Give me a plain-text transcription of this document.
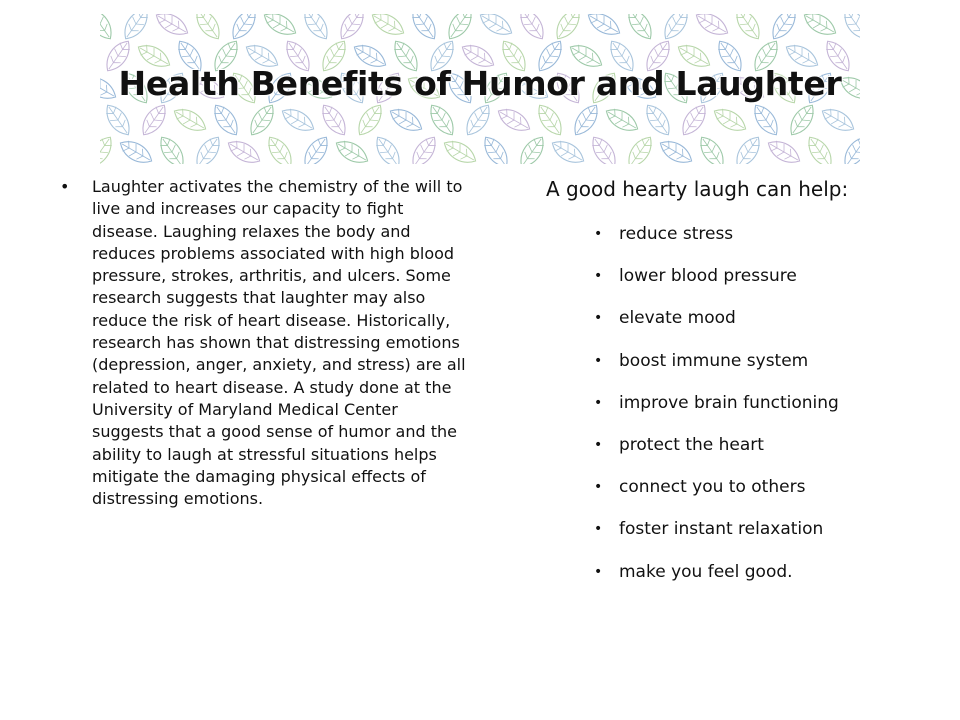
Health Benefits of Humor and Laughter
•	Laughter activates the chemistry of the will to live and increases our capacity to fight disease. Laughing relaxes the body and reduces problems associated with high blood pressure, strokes, arthritis, and ulcers. Some research suggests that laughter may also reduce the risk of heart disease. Historically, research has shown that distressing emotions (depression, anger, anxiety, and stress) are all related to heart disease. A study done at the University of Maryland Medical Center suggests that a good sense of humor and the ability to laugh at stressful situations helps mitigate the damaging physical effects of distressing emotions.
A good hearty laugh can help:
• reduce stress
• lower blood pressure
• elevate mood
• boost immune system
• improve brain functioning
• protect the heart
• connect you to others
• foster instant relaxation
• make you feel good.
